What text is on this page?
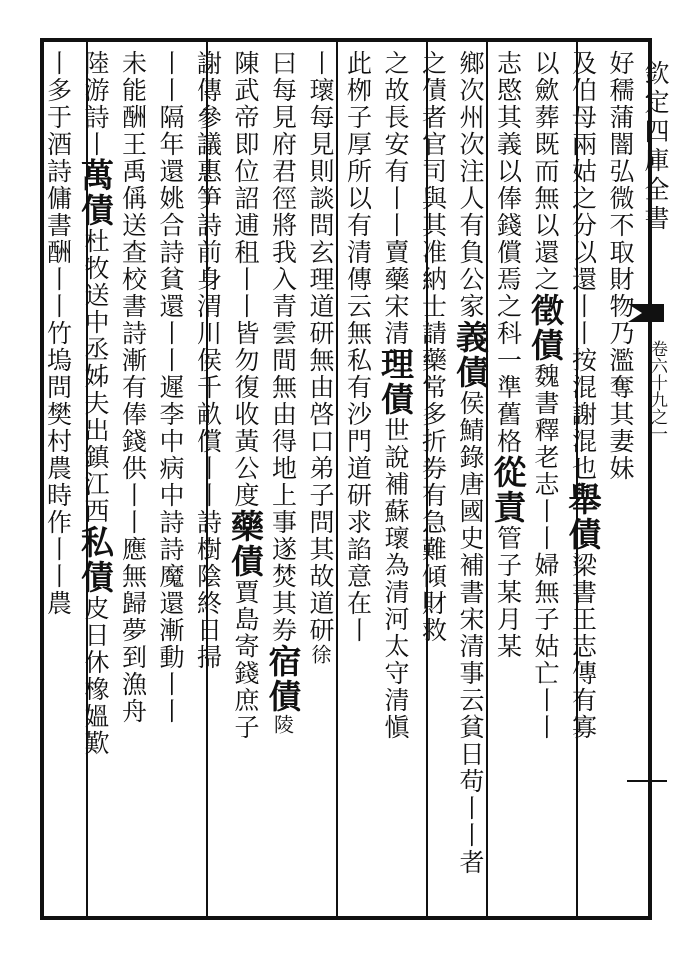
好穤蒲闇弘微不取財物乃濫奪其妻妹
及伯母兩姑之分以還丨丨按混謝混也舉債梁書王志傳有寡
以歛葬既而無以還之徵債魏書釋老志丨丨婦無子姑亡丨丨
志愍其義以俸錢償焉之科一準舊格從責管子某月某
鄉次州次注人有負公家義債侯鯖錄唐國史補書宋清事云貧日苟丨丨者
之債者官司與其准納士請藥常多折券有急難傾財救
之故長安有丨丨賣藥宋清理債世說補蘇瓌為清河太守清愼
此栁子厚所以有清傳云無私有沙門道研求諂意在丨
丨瓌每見則談問玄理道研無由啓口弟子問其故道研徐
曰每見府君徑將我入青雲間無由得地上事遂焚其券宿債陵
陳武帝即位詔逋租丨丨皆勿復收黃公度藥債賈島寄錢庶子
謝傳參議惠笋詩前身渭川侯千畝償丨丨詩樹陰終日掃
丨丨隔年還姚合詩貧還丨丨遲李中病中詩詩魔還漸動丨丨
未能酬王禹偁送查校書詩漸有俸錢供丨丨應無歸夢到漁舟
陸游詩丨萬債杜牧送中丞姊夫出鎮江西私債皮日休橡媼歎
丨多于酒詩傭書酬丨丨竹塢問樊村農時作丨丨農
欽定四庫全書
卷六十九之一
